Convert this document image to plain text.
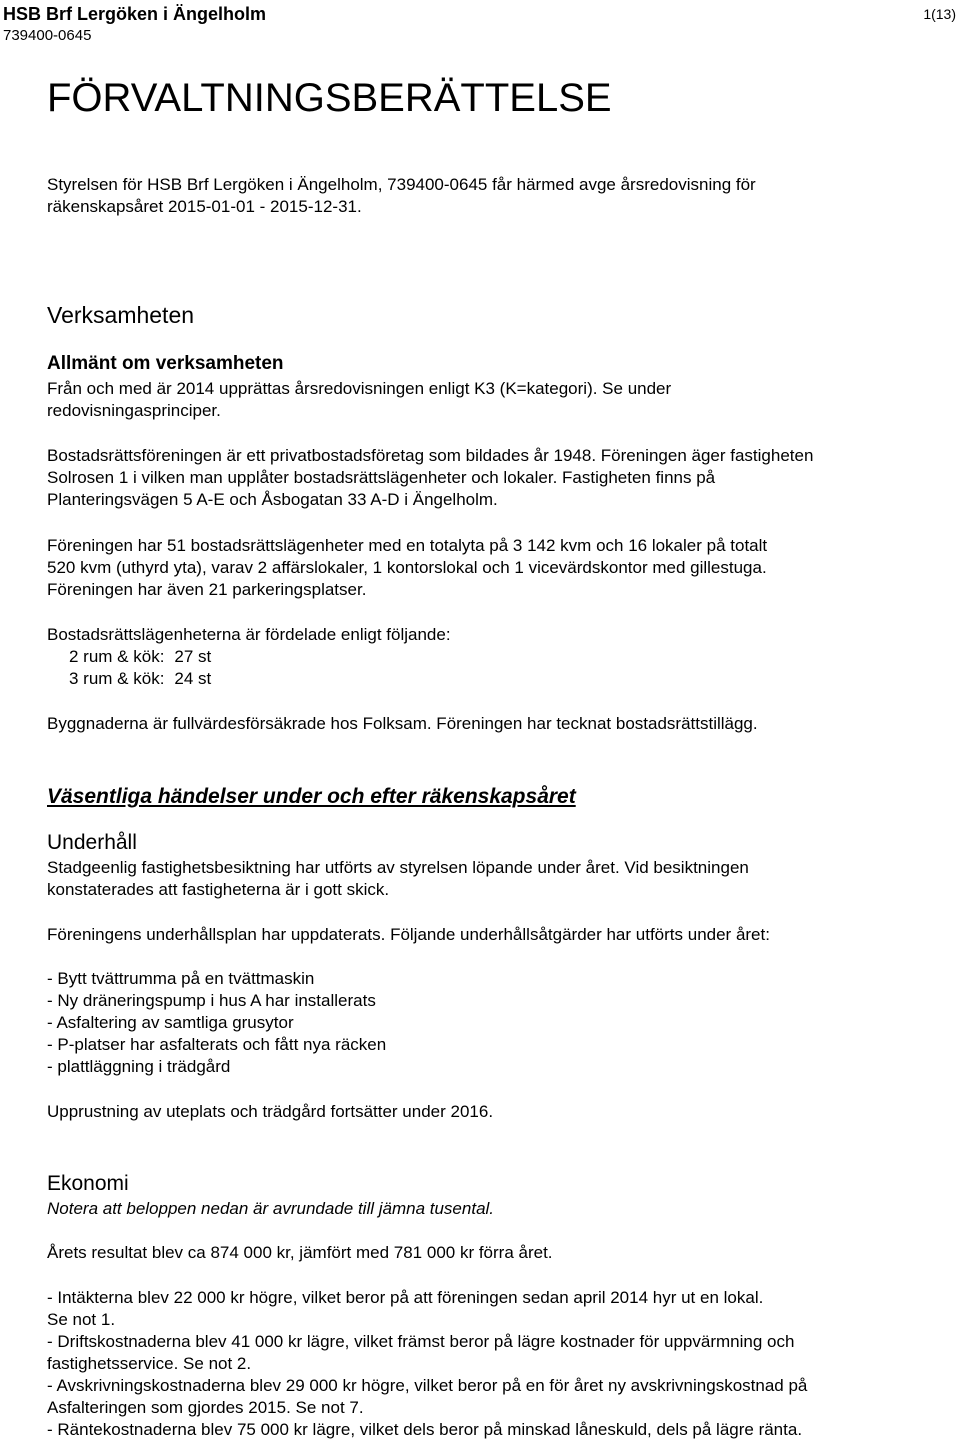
HSB Brf Lergöken i Ängelholm
739400-0645
1(13)
FÖRVALTNINGSBERÄTTELSE
Styrelsen för HSB Brf Lergöken i Ängelholm, 739400-0645 får härmed avge årsredovisning för
räkenskapsåret 2015-01-01 - 2015-12-31.
Verksamheten
Allmänt om verksamheten
Från och med är 2014 upprättas årsredovisningen enligt K3 (K=kategori). Se under
redovisningasprinciper.
Bostadsrättsföreningen är ett privatbostadsföretag som bildades år 1948. Föreningen äger fastigheten
Solrosen 1 i vilken man upplåter bostadsrättslägenheter och lokaler. Fastigheten finns på
Planteringsvägen 5 A-E och Åsbogatan 33 A-D i Ängelholm.
Föreningen har 51 bostadsrättslägenheter med en totalyta på 3 142 kvm och 16 lokaler på totalt
520 kvm (uthyrd yta), varav 2 affärslokaler, 1 kontorslokal och 1 vicevärdskontor med gillestuga.
Föreningen har även 21 parkeringsplatser.
Bostadsrättslägenheterna är fördelade enligt följande:
2 rum & kök:	27 st
3 rum & kök:	24 st
Byggnaderna är fullvärdesförsäkrade hos Folksam. Föreningen har tecknat bostadsrättstillägg.
Väsentliga händelser under och efter räkenskapsåret
Underhåll
Stadgeenlig fastighetsbesiktning har utförts av styrelsen löpande under året. Vid besiktningen
konstaterades att fastigheterna är i gott skick.
Föreningens underhållsplan har uppdaterats. Följande underhållsåtgärder har utförts under året:
- Bytt tvättrumma på en tvättmaskin
- Ny dräneringspump i hus A har installerats
- Asfaltering av samtliga grusytor
- P-platser har asfalterats och fått nya räcken
- plattläggning i trädgård
Upprustning av uteplats och trädgård fortsätter under 2016.
Ekonomi
Notera att beloppen nedan är avrundade till jämna tusental.
Årets resultat blev ca 874 000 kr, jämfört med 781 000 kr förra året.
- Intäkterna blev 22 000 kr högre, vilket beror på att föreningen sedan april 2014 hyr ut en lokal.
Se not 1.
- Driftskostnaderna blev 41 000 kr lägre, vilket främst beror på lägre kostnader för uppvärmning och
fastighetsservice. Se not 2.
- Avskrivningskostnaderna blev 29 000 kr högre, vilket beror på en för året ny avskrivningskostnad på
Asfalteringen som gjordes 2015. Se not 7.
- Räntekostnaderna blev 75 000 kr lägre, vilket dels beror på minskad låneskuld, dels på lägre ränta.
